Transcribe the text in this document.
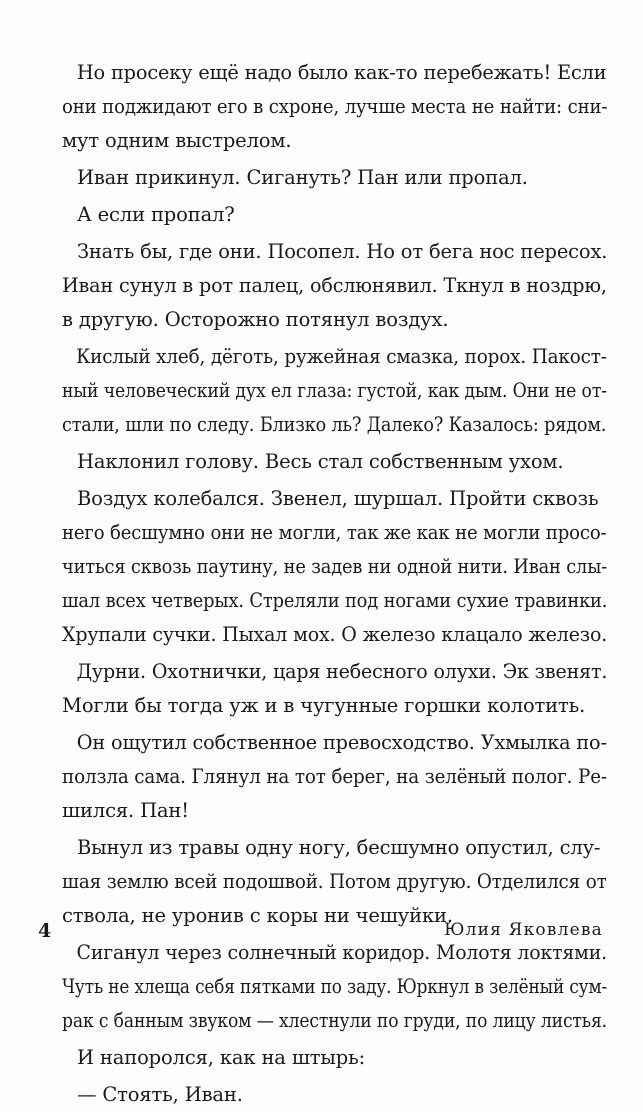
Но просеку ещё надо было как-то перебежать! Если
они поджидают его в схроне, лучше места не найти: сни-
мут одним выстрелом.
Иван прикинул. Сигануть? Пан или пропал.
А если пропал?
Знать бы, где они. Посопел. Но от бега нос пересох.
Иван сунул в рот палец, обслюнявил. Ткнул в ноздрю,
в другую. Осторожно потянул воздух.
Кислый хлеб, дёготь, ружейная смазка, порох. Пакост-
ный человеческий дух ел глаза: густой, как дым. Они не от-
стали, шли по следу. Близко ль? Далеко? Казалось: рядом.
Наклонил голову. Весь стал собственным ухом.
Воздух колебался. Звенел, шуршал. Пройти сквозь
него бесшумно они не могли, так же как не могли просо-
читься сквозь паутину, не задев ни одной нити. Иван слы-
шал всех четверых. Стреляли под ногами сухие травинки.
Хрупали сучки. Пыхал мох. О железо клацало железо.
Дурни. Охотнички, царя небесного олухи. Эк звенят.
Могли бы тогда уж и в чугунные горшки колотить.
Он ощутил собственное превосходство. Ухмылка по-
ползла сама. Глянул на тот берег, на зелёный полог. Ре-
шился. Пан!
Вынул из травы одну ногу, бесшумно опустил, слу-
шая землю всей подошвой. Потом другую. Отделился от
ствола, не уронив с коры ни чешуйки.
Сиганул через солнечный коридор. Молотя локтями.
Чуть не хлеща себя пятками по заду. Юркнул в зелёный сум-
рак с банным звуком — хлестнули по груди, по лицу листья.
И напоролся, как на штырь:
— Стоять, Иван.
4	Юлия Яковлева
